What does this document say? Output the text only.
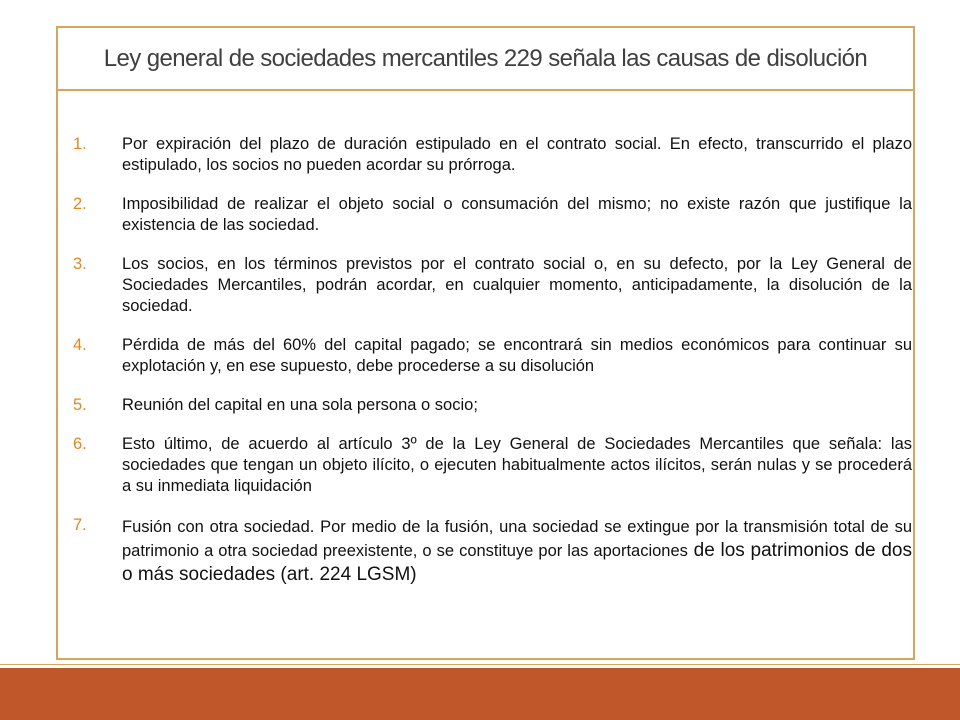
Ley general de sociedades mercantiles 229 señala las causas de disolución
1. Por expiración del plazo de duración estipulado en el contrato social. En efecto, transcurrido el plazo estipulado, los socios no pueden acordar su prórroga.
2. Imposibilidad de realizar el objeto social o consumación del mismo; no existe razón que justifique la existencia de las sociedad.
3. Los socios, en los términos previstos por el contrato social o, en su defecto, por la Ley General de Sociedades Mercantiles, podrán acordar, en cualquier momento, anticipadamente, la disolución de la sociedad.
4. Pérdida de más del 60% del capital pagado; se encontrará sin medios económicos para continuar su explotación y, en ese supuesto, debe procederse a su disolución
5. Reunión del capital en una sola persona o socio;
6. Esto último, de acuerdo al artículo 3º de la Ley General de Sociedades Mercantiles que señala: las sociedades que tengan un objeto ilícito, o ejecuten habitualmente actos ilícitos, serán nulas y se procederá a su inmediata liquidación
7. Fusión con otra sociedad. Por medio de la fusión, una sociedad se extingue por la transmisión total de su patrimonio a otra sociedad preexistente, o se constituye por las aportaciones de los patrimonios de dos o más sociedades (art. 224 LGSM)
